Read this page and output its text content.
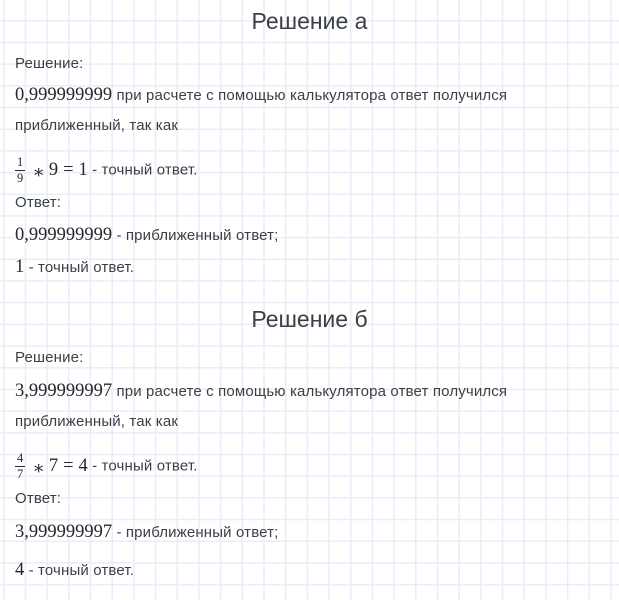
Решение а
Решение:
0,999999999 при расчете с помощью калькулятора ответ получился
приближенный, так как
$\frac{1}{9}$ ∗ 9 = 1 - точный ответ.
Ответ:
0,999999999 - приближенный ответ;
1 - точный ответ.
Решение б
Решение:
3,999999997 при расчете с помощью калькулятора ответ получился
приближенный, так как
$\frac{4}{7}$ ∗ 7 = 4 - точный ответ.
Ответ:
3,999999997 - приближенный ответ;
4 - точный ответ.
